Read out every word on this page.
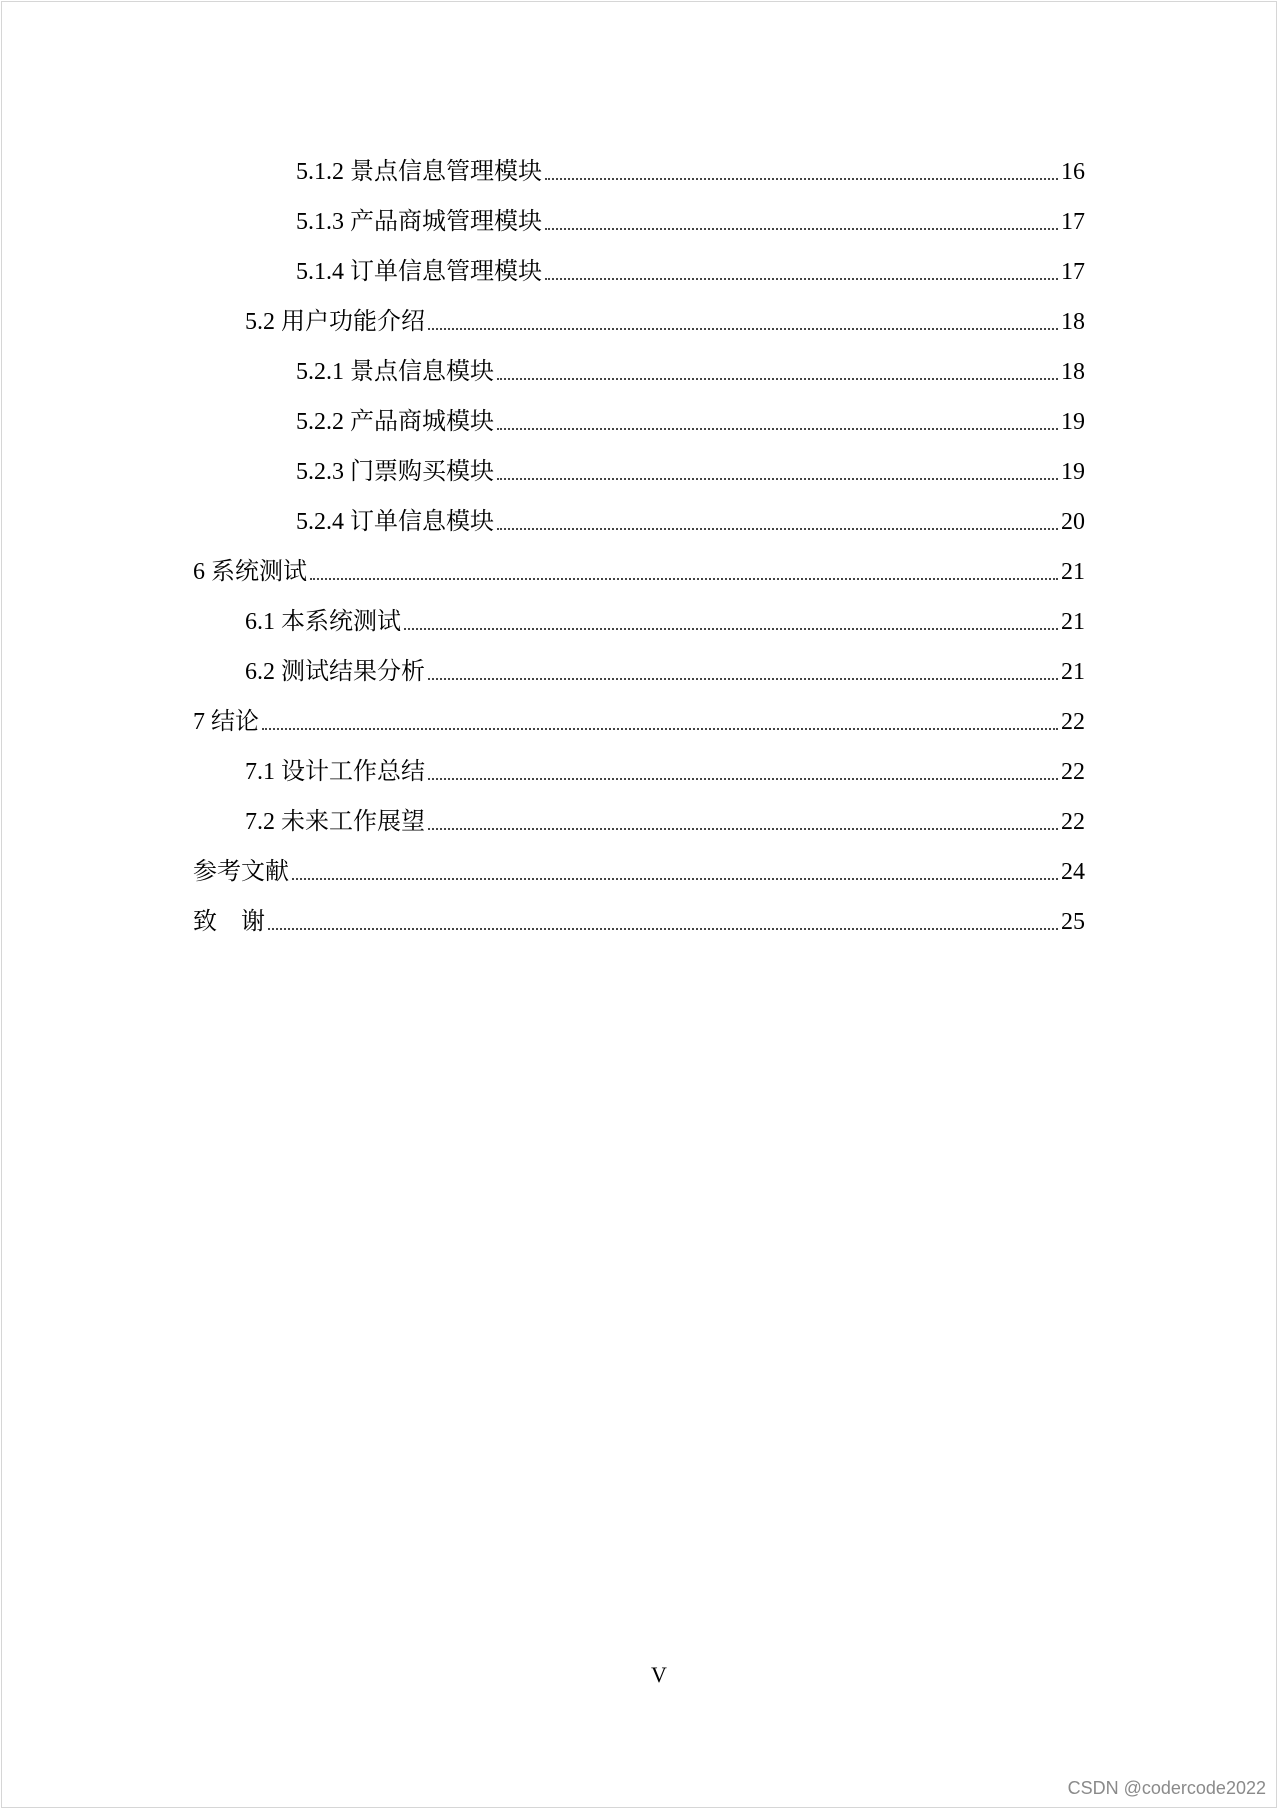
5.1.2 景点信息管理模块	16
5.1.3 产品商城管理模块	17
5.1.4 订单信息管理模块	17
5.2 用户功能介绍	18
5.2.1 景点信息模块	18
5.2.2 产品商城模块	19
5.2.3 门票购买模块	19
5.2.4 订单信息模块	20
6 系统测试	21
6.1 本系统测试	21
6.2 测试结果分析	21
7 结论	22
7.1 设计工作总结	22
7.2 未来工作展望	22
参考文献	24
致    谢	25
V
CSDN @codercode2022
